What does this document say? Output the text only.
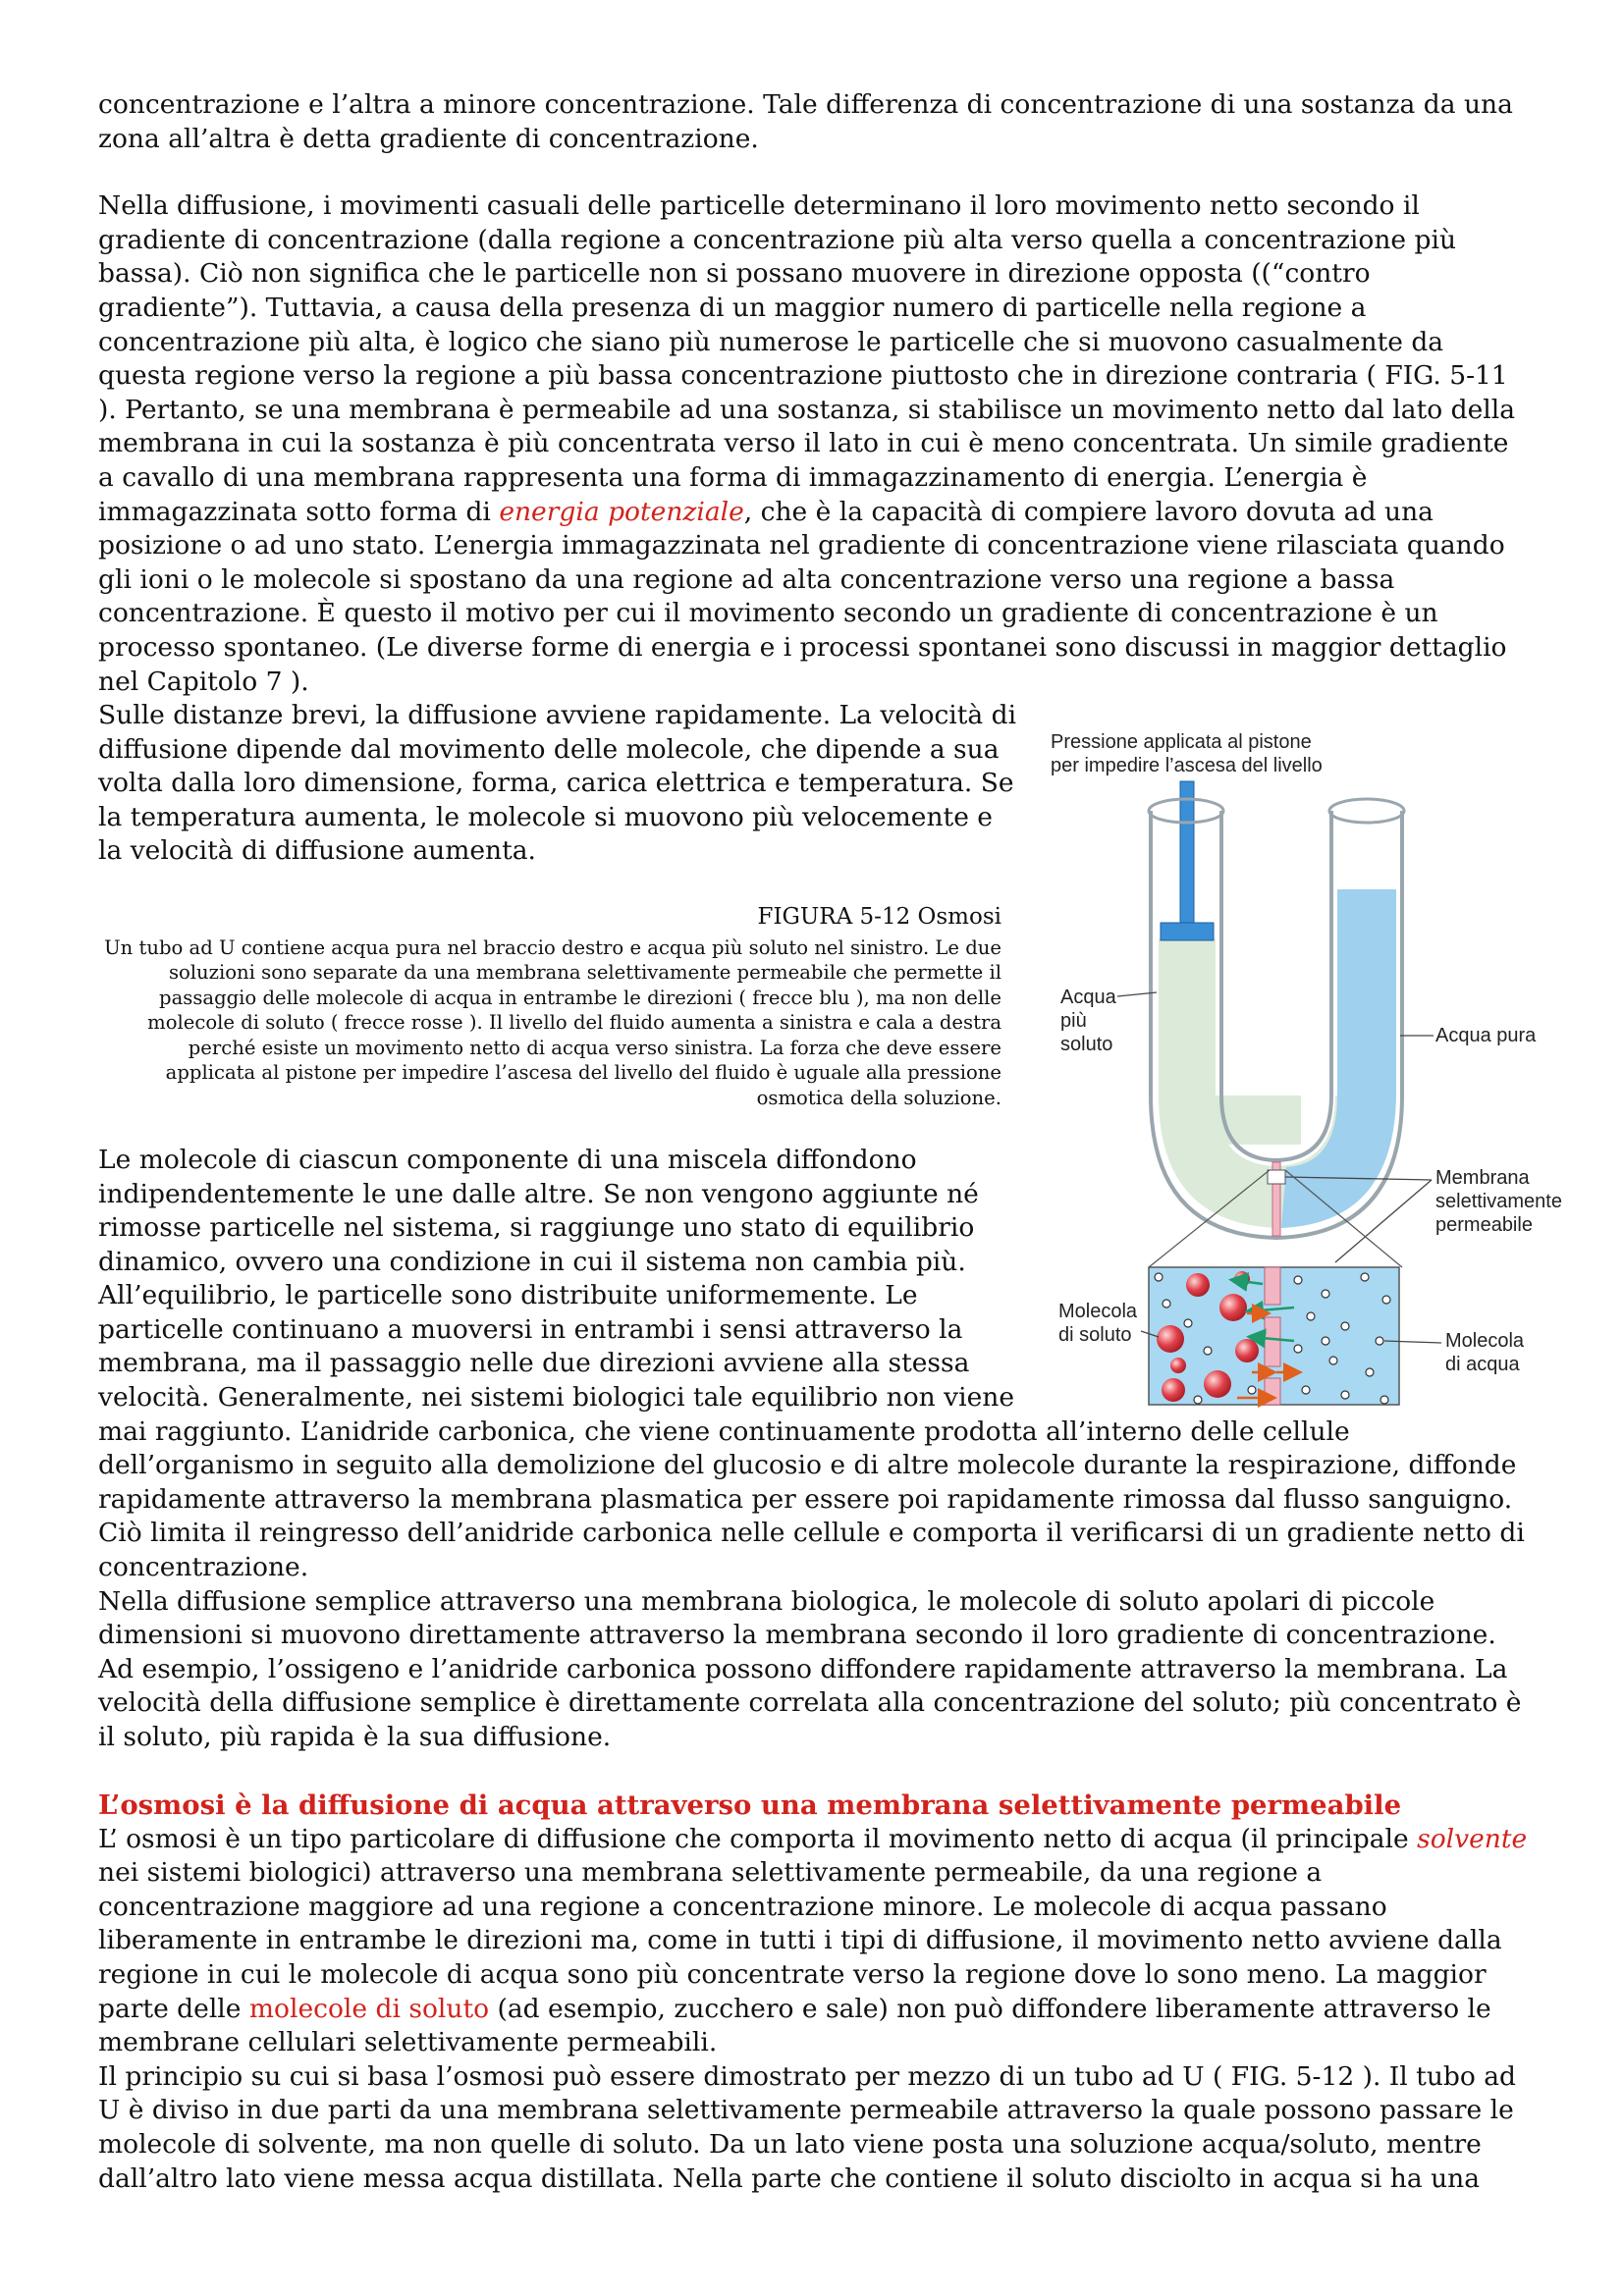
concentrazione e l’altra a minore concentrazione. Tale differenza di concentrazione di una sostanza da una zona all’altra è detta gradiente di concentrazione.

Nella diffusione, i movimenti casuali delle particelle determinano il loro movimento netto secondo il gradiente di concentrazione (dalla regione a concentrazione più alta verso quella a concentrazione più bassa). Ciò non significa che le particelle non si possano muovere in direzione opposta ((“contro gradiente”). Tuttavia, a causa della presenza di un maggior numero di particelle nella regione a concentrazione più alta, è logico che siano più numerose le particelle che si muovono casualmente da questa regione verso la regione a più bassa concentrazione piuttosto che in direzione contraria ( FIG. 5-11 ). Pertanto, se una membrana è permeabile ad una sostanza, si stabilisce un movimento netto dal lato della membrana in cui la sostanza è più concentrata verso il lato in cui è meno concentrata. Un simile gradiente a cavallo di una membrana rappresenta una forma di immagazzinamento di energia. L’energia è immagazzinata sotto forma di energia potenziale, che è la capacità di compiere lavoro dovuta ad una posizione o ad uno stato. L’energia immagazzinata nel gradiente di concentrazione viene rilasciata quando gli ioni o le molecole si spostano da una regione ad alta concentrazione verso una regione a bassa concentrazione. È questo il motivo per cui il movimento secondo un gradiente di concentrazione è un processo spontaneo. (Le diverse forme di energia e i processi spontanei sono discussi in maggior dettaglio nel Capitolo 7 ).

Pressione applicata al pistone
per impedire l’ascesa del livello
Acqua
più
soluto	Acqua pura
Membrana
selettivamente
permeabile
Molecola
di soluto	Molecola
di acqua

Sulle distanze brevi, la diffusione avviene rapidamente. La velocità di diffusione dipende dal movimento delle molecole, che dipende a sua volta dalla loro dimensione, forma, carica elettrica e temperatura. Se la temperatura aumenta, le molecole si muovono più velocemente e la velocità di diffusione aumenta.

FIGURA 5-12 Osmosi

Un tubo ad U contiene acqua pura nel braccio destro e acqua più soluto nel sinistro. Le due soluzioni sono separate da una membrana selettivamente permeabile che permette il passaggio delle molecole di acqua in entrambe le direzioni ( frecce blu ), ma non delle molecole di soluto ( frecce rosse ). Il livello del fluido aumenta a sinistra e cala a destra perché esiste un movimento netto di acqua verso sinistra. La forza che deve essere applicata al pistone per impedire l’ascesa del livello del fluido è uguale alla pressione osmotica della soluzione.

Le molecole di ciascun componente di una miscela diffondono indipendentemente le une dalle altre. Se non vengono aggiunte né rimosse particelle nel sistema, si raggiunge uno stato di equilibrio dinamico, ovvero una condizione in cui il sistema non cambia più. All’equilibrio, le particelle sono distribuite uniformemente. Le particelle continuano a muoversi in entrambi i sensi attraverso la membrana, ma il passaggio nelle due direzioni avviene alla stessa velocità. Generalmente, nei sistemi biologici tale equilibrio non viene mai raggiunto. L’anidride carbonica, che viene continuamente prodotta all’interno delle cellule dell’organismo in seguito alla demolizione del glucosio e di altre molecole durante la respirazione, diffonde rapidamente attraverso la membrana plasmatica per essere poi rapidamente rimossa dal flusso sanguigno. Ciò limita il reingresso dell’anidride carbonica nelle cellule e comporta il verificarsi di un gradiente netto di concentrazione.

Nella diffusione semplice attraverso una membrana biologica, le molecole di soluto apolari di piccole dimensioni si muovono direttamente attraverso la membrana secondo il loro gradiente di concentrazione. Ad esempio, l’ossigeno e l’anidride carbonica possono diffondere rapidamente attraverso la membrana. La velocità della diffusione semplice è direttamente correlata alla concentrazione del soluto; più concentrato è il soluto, più rapida è la sua diffusione.

L’osmosi è la diffusione di acqua attraverso una membrana selettivamente permeabile

L’ osmosi è un tipo particolare di diffusione che comporta il movimento netto di acqua (il principale solvente nei sistemi biologici) attraverso una membrana selettivamente permeabile, da una regione a concentrazione maggiore ad una regione a concentrazione minore. Le molecole di acqua passano liberamente in entrambe le direzioni ma, come in tutti i tipi di diffusione, il movimento netto avviene dalla regione in cui le molecole di acqua sono più concentrate verso la regione dove lo sono meno. La maggior parte delle molecole di soluto (ad esempio, zucchero e sale) non può diffondere liberamente attraverso le membrane cellulari selettivamente permeabili.

Il principio su cui si basa l’osmosi può essere dimostrato per mezzo di un tubo ad U ( FIG. 5-12 ). Il tubo ad U è diviso in due parti da una membrana selettivamente permeabile attraverso la quale possono passare le molecole di solvente, ma non quelle di soluto. Da un lato viene posta una soluzione acqua/soluto, mentre dall’altro lato viene messa acqua distillata. Nella parte che contiene il soluto disciolto in acqua si ha una
